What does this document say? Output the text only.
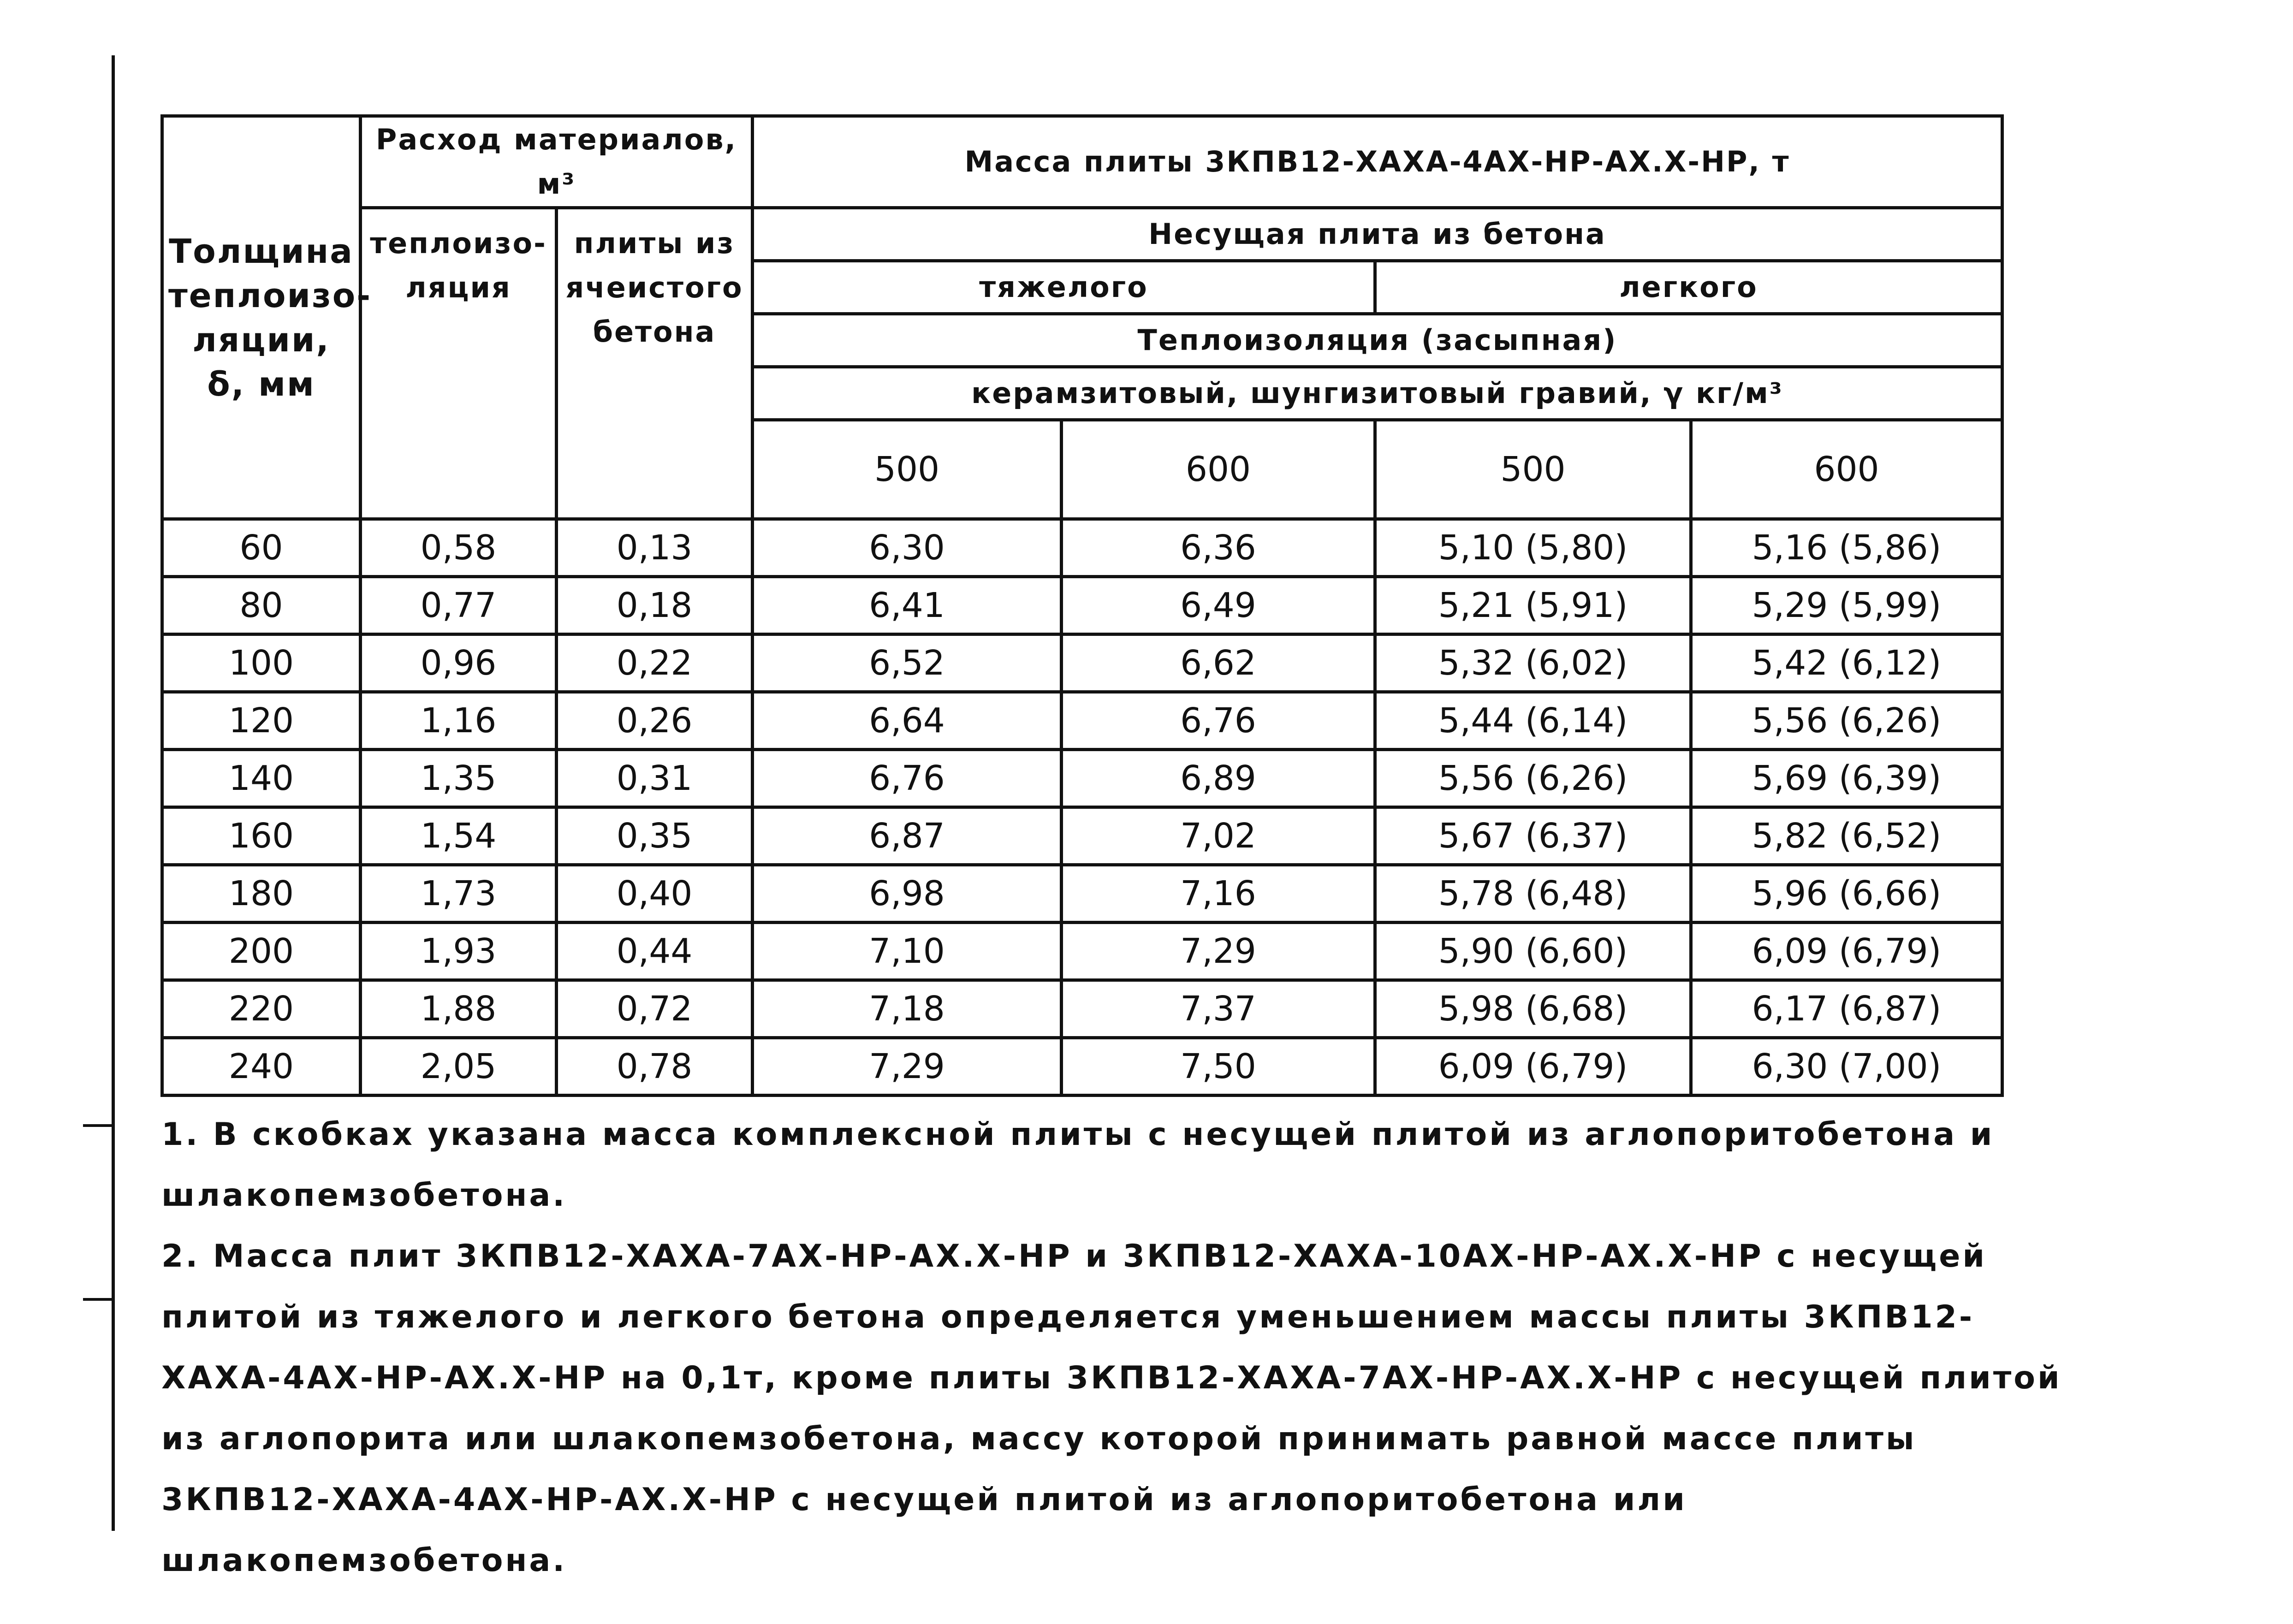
Толщина теплоизо-ляции, δ, мм	Расход материалов, м³		Масса плиты 3КПВ12-ХАХА-4АХ-НР-АХ.Х-НР, т			
	теплоизо-ляция	плиты из ячеистого бетона	Несущая плита из бетона			
			тяжелого		легкого	
			Теплоизоляция (засыпная)			
			керамзитовый, шунгизитовый гравий, γ кг/м³			
			500	600	500	600
60	0,58	0,13	6,30	6,36	5,10 (5,80)	5,16 (5,86)
80	0,77	0,18	6,41	6,49	5,21 (5,91)	5,29 (5,99)
100	0,96	0,22	6,52	6,62	5,32 (6,02)	5,42 (6,12)
120	1,16	0,26	6,64	6,76	5,44 (6,14)	5,56 (6,26)
140	1,35	0,31	6,76	6,89	5,56 (6,26)	5,69 (6,39)
160	1,54	0,35	6,87	7,02	5,67 (6,37)	5,82 (6,52)
180	1,73	0,40	6,98	7,16	5,78 (6,48)	5,96 (6,66)
200	1,93	0,44	7,10	7,29	5,90 (6,60)	6,09 (6,79)
220	1,88	0,72	7,18	7,37	5,98 (6,68)	6,17 (6,87)
240	2,05	0,78	7,29	7,50	6,09 (6,79)	6,30 (7,00)

1. В скобках указана масса комплексной плиты с несущей плитой из аглопоритобетона и шлакопемзобетона.

2. Масса плит 3КПВ12-ХАХА-7АХ-НР-АХ.Х-НР и 3КПВ12-ХАХА-10АХ-НР-АХ.Х-НР с несущей плитой из тяжелого и легкого бетона определяется уменьшением массы плиты 3КПВ12-ХАХА-4АХ-НР-АХ.Х-НР на 0,1т, кроме плиты 3КПВ12-ХАХА-7АХ-НР-АХ.Х-НР с несущей плитой из аглопорита или шлакопемзобетона, массу которой принимать равной массе плиты 3КПВ12-ХАХА-4АХ-НР-АХ.Х-НР с несущей плитой из аглопоритобетона или шлакопемзобетона.
